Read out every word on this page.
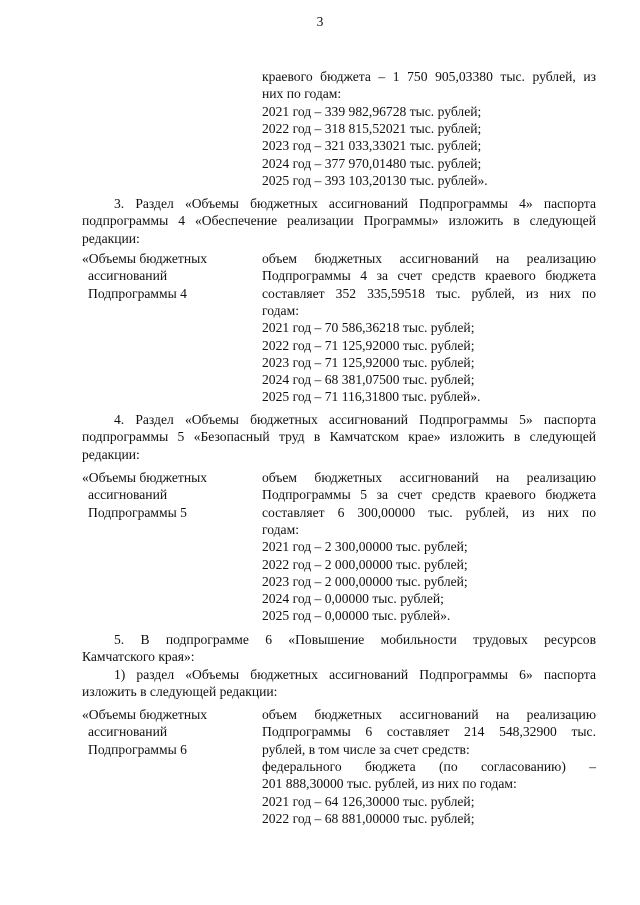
3
краевого бюджета – 1 750 905,03380 тыс. рублей, из
них по годам:
2021 год – 339 982,96728 тыс. рублей;
2022 год – 318 815,52021 тыс. рублей;
2023 год – 321 033,33021 тыс. рублей;
2024 год – 377 970,01480 тыс. рублей;
2025 год – 393 103,20130 тыс. рублей».
3. Раздел «Объемы бюджетных ассигнований Подпрограммы 4» паспорта
подпрограммы 4 «Обеспечение реализации Программы» изложить в следующей
редакции:
«Объемы бюджетных
ассигнований
Подпрограммы 4
объем бюджетных ассигнований на реализацию
Подпрограммы 4 за счет средств краевого бюджета
составляет 352 335,59518 тыс. рублей, из них по
годам:
2021 год – 70 586,36218 тыс. рублей;
2022 год – 71 125,92000 тыс. рублей;
2023 год – 71 125,92000 тыс. рублей;
2024 год – 68 381,07500 тыс. рублей;
2025 год – 71 116,31800 тыс. рублей».
4. Раздел «Объемы бюджетных ассигнований Подпрограммы 5» паспорта
подпрограммы 5 «Безопасный труд в Камчатском крае» изложить в следующей
редакции:
«Объемы бюджетных
ассигнований
Подпрограммы 5
объем бюджетных ассигнований на реализацию
Подпрограммы 5 за счет средств краевого бюджета
составляет 6 300,00000 тыс. рублей, из них по
годам:
2021 год – 2 300,00000 тыс. рублей;
2022 год – 2 000,00000 тыс. рублей;
2023 год – 2 000,00000 тыс. рублей;
2024 год – 0,00000 тыс. рублей;
2025 год – 0,00000 тыс. рублей».
5. В подпрограмме 6 «Повышение мобильности трудовых ресурсов
Камчатского края»:
1) раздел «Объемы бюджетных ассигнований Подпрограммы 6» паспорта
изложить в следующей редакции:
«Объемы бюджетных
ассигнований
Подпрограммы 6
объем бюджетных ассигнований на реализацию
Подпрограммы 6 составляет 214 548,32900 тыс.
рублей, в том числе за счет средств:
федерального бюджета (по согласованию) –
201 888,30000 тыс. рублей, из них по годам:
2021 год – 64 126,30000 тыс. рублей;
2022 год – 68 881,00000 тыс. рублей;
